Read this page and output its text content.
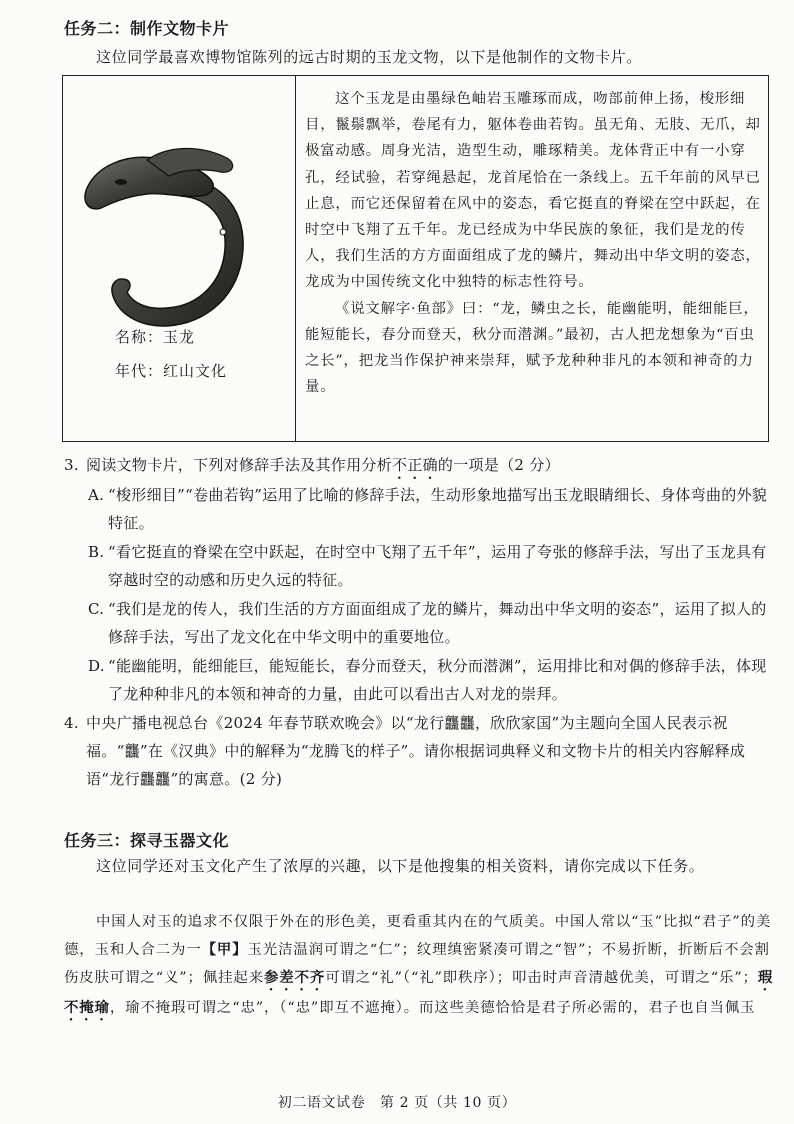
任务二：制作文物卡片
这位同学最喜欢博物馆陈列的远古时期的玉龙文物，以下是他制作的文物卡片。
名称：玉龙
年代：红山文化

这个玉龙是由墨绿色岫岩玉雕琢而成，吻部前伸上扬，梭形细目，鬣鬃飘举，卷尾有力，躯体卷曲若钩。虽无角、无肢、无爪，却极富动感。周身光洁，造型生动，雕琢精美。龙体背正中有一小穿孔，经试验，若穿绳悬起，龙首尾恰在一条线上。五千年前的风早已止息，而它还保留着在风中的姿态，看它挺直的脊梁在空中跃起，在时空中飞翔了五千年。龙已经成为中华民族的象征，我们是龙的传人，我们生活的方方面面组成了龙的鳞片，舞动出中华文明的姿态，龙成为中国传统文化中独特的标志性符号。

《说文解字·鱼部》曰：“龙，鳞虫之长，能幽能明，能细能巨，能短能长，春分而登天，秋分而潜渊。”最初，古人把龙想象为“百虫之长”，把龙当作保护神来崇拜，赋予龙种种非凡的本领和神奇的力量。

3. 阅读文物卡片，下列对修辞手法及其作用分析不正确的一项是（2 分）
A. “梭形细目”“卷曲若钩”运用了比喻的修辞手法，生动形象地描写出玉龙眼睛细长、身体弯曲的外貌特征。
B. “看它挺直的脊梁在空中跃起，在时空中飞翔了五千年”，运用了夸张的修辞手法，写出了玉龙具有穿越时空的动感和历史久远的特征。
C. “我们是龙的传人，我们生活的方方面面组成了龙的鳞片，舞动出中华文明的姿态”，运用了拟人的修辞手法，写出了龙文化在中华文明中的重要地位。
D. “能幽能明，能细能巨，能短能长，春分而登天，秋分而潜渊”，运用排比和对偶的修辞手法，体现了龙种种非凡的本领和神奇的力量，由此可以看出古人对龙的崇拜。
4. 中央广播电视总台《2024 年春节联欢晚会》以“龙行龘龘，欣欣家国”为主题向全国人民表示祝福。“龘”在《汉典》中的解释为“龙腾飞的样子”。请你根据词典释义和文物卡片的相关内容解释成语“龙行龘龘”的寓意。(2 分)
任务三：探寻玉器文化
这位同学还对玉文化产生了浓厚的兴趣，以下是他搜集的相关资料，请你完成以下任务。
中国人对玉的追求不仅限于外在的形色美，更看重其内在的气质美。中国人常以“玉”比拟“君子”的美德，玉和人合二为一【甲】玉光洁温润可谓之“仁”；纹理缜密紧凑可谓之“智”；不易折断，折断后不会割伤皮肤可谓之“义”；佩挂起来参差不齐可谓之“礼”（“礼”即秩序）；叩击时声音清越优美，可谓之“乐”；瑕不掩瑜，瑜不掩瑕可谓之“忠”，（“忠”即互不遮掩）。而这些美德恰恰是君子所必需的，君子也自当佩玉
初二语文试卷　第 2 页（共 10 页）
